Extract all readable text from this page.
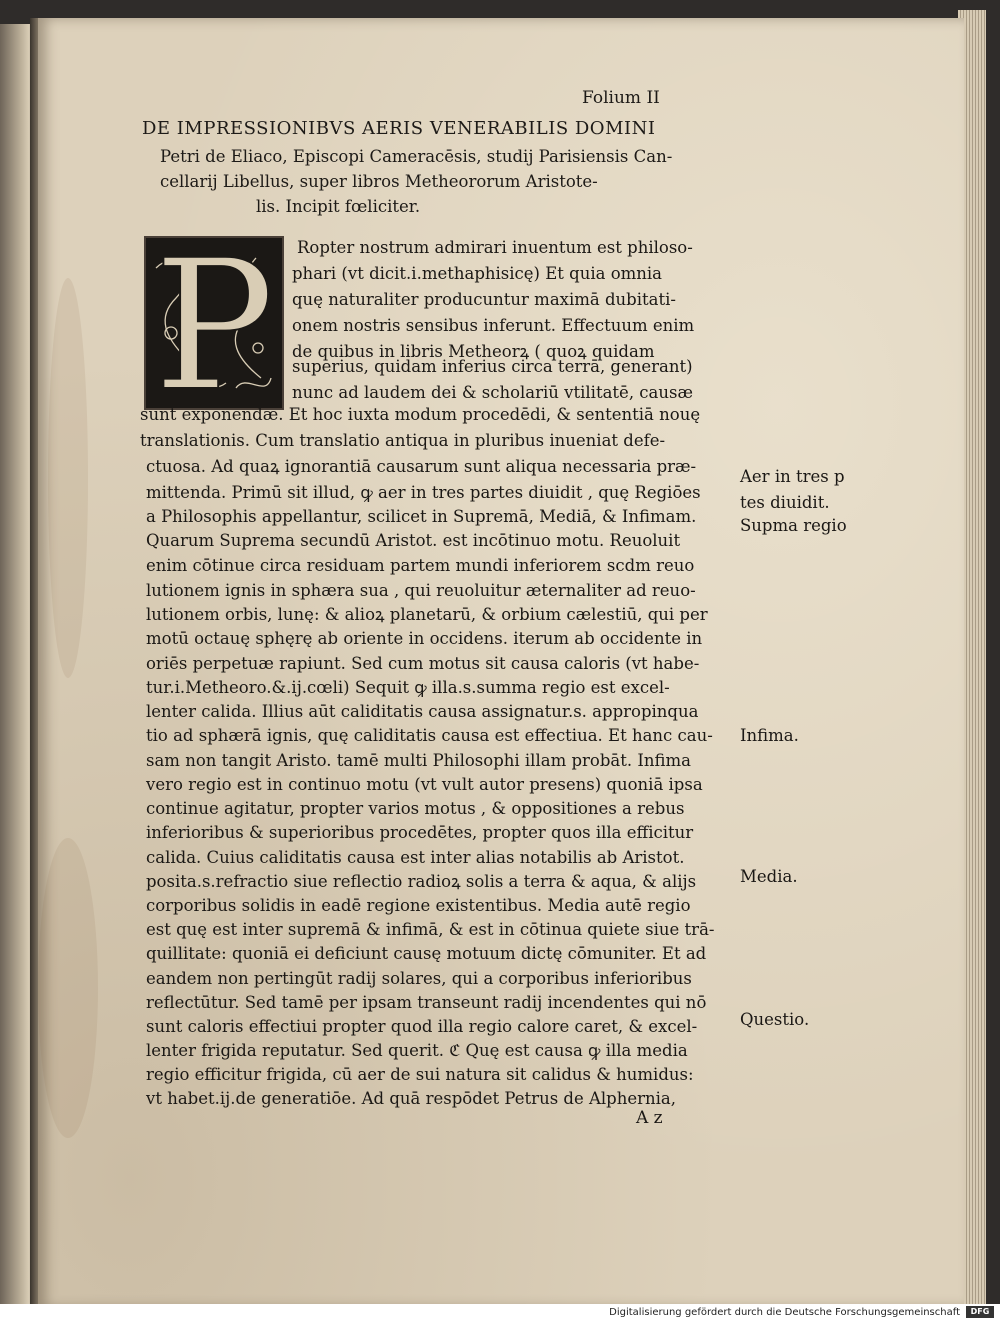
Folium II
DE IMPRESSIONIBVS AERIS VENERABILIS DOMINI
Petri de Eliaco, Episcopi Cameracēsis, studij Parisiensis Can-
cellarij Libellus, super libros Metheororum Aristote-
lis. Incipit fœliciter.
P Ropter nostrum admirari inuentum est philoso-
phari (vt dicit.i.methaphisicę) Et quia omnia
quę naturaliter producuntur maximā dubitati-
onem nostris sensibus inferunt. Effectuum enim
de quibus in libris Metheorꝝ ( quoꝝ quidam
superius, quidam inferius circa terrā, generant)
nunc ad laudem dei & scholariū vtilitatē, causæ
sunt exponendæ. Et hoc iuxta modum procedēdi, & sententiā nouę
translationis. Cum translatio antiqua in pluribus inueniat defe-
ctuosa. Ad quaꝝ ignorantiā causarum sunt aliqua necessaria præ-
mittenda. Primū sit illud, ꝙ aer in tres partes diuidit , quę Regiōes
a Philosophis appellantur, scilicet in Supremā, Mediā, & Infimam.
Quarum Suprema secundū Aristot. est incōtinuo motu. Reuoluit
enim cōtinue circa residuam partem mundi inferiorem scdm reuo
lutionem ignis in sphæra sua , qui reuoluitur æternaliter ad reuo-
lutionem orbis, lunę: & alioꝝ planetarū, & orbium cælestiū, qui per
motū octauę sphęrę ab oriente in occidens. iterum ab occidente in
oriēs perpetuæ rapiunt. Sed cum motus sit causa caloris (vt habe-
tur.i.Metheoro.&.ij.cœli) Sequit ꝙ illa.s.summa regio est excel-
lenter calida. Illius aūt caliditatis causa assignatur.s. appropinqua
tio ad sphærā ignis, quę caliditatis causa est effectiua. Et hanc cau-
sam non tangit Aristo. tamē multi Philosophi illam probāt. Infima
vero regio est in continuo motu (vt vult autor presens) quoniā ipsa
continue agitatur, propter varios motus , & oppositiones a rebus
inferioribus & superioribus procedētes, propter quos illa efficitur
calida. Cuius caliditatis causa est inter alias notabilis ab Aristot.
posita.s.refractio siue reflectio radioꝝ solis a terra & aqua, & alijs
corporibus solidis in eadē regione existentibus. Media autē regio
est quę est inter supremā & infimā, & est in cōtinua quiete siue trā-
quillitate: quoniā ei deficiunt causę motuum dictę cōmuniter. Et ad
eandem non pertingūt radij solares, qui a corporibus inferioribus
reflectūtur. Sed tamē per ipsam transeunt radij incendentes qui nō
sunt caloris effectiui propter quod illa regio calore caret, & excel-
lenter frigida reputatur. Sed querit. ℭ Quę est causa ꝙ illa media
regio efficitur frigida, cū aer de sui natura sit calidus & humidus:
vt habet.ij.de generatiōe. Ad quā respōdet Petrus de Alphernia,
A z
Aer in tres p
tes diuidit.
Supma regio
Infima.
Media.
Questio.
Digitalisierung gefördert durch die Deutsche Forschungsgemeinschaft	DFG
